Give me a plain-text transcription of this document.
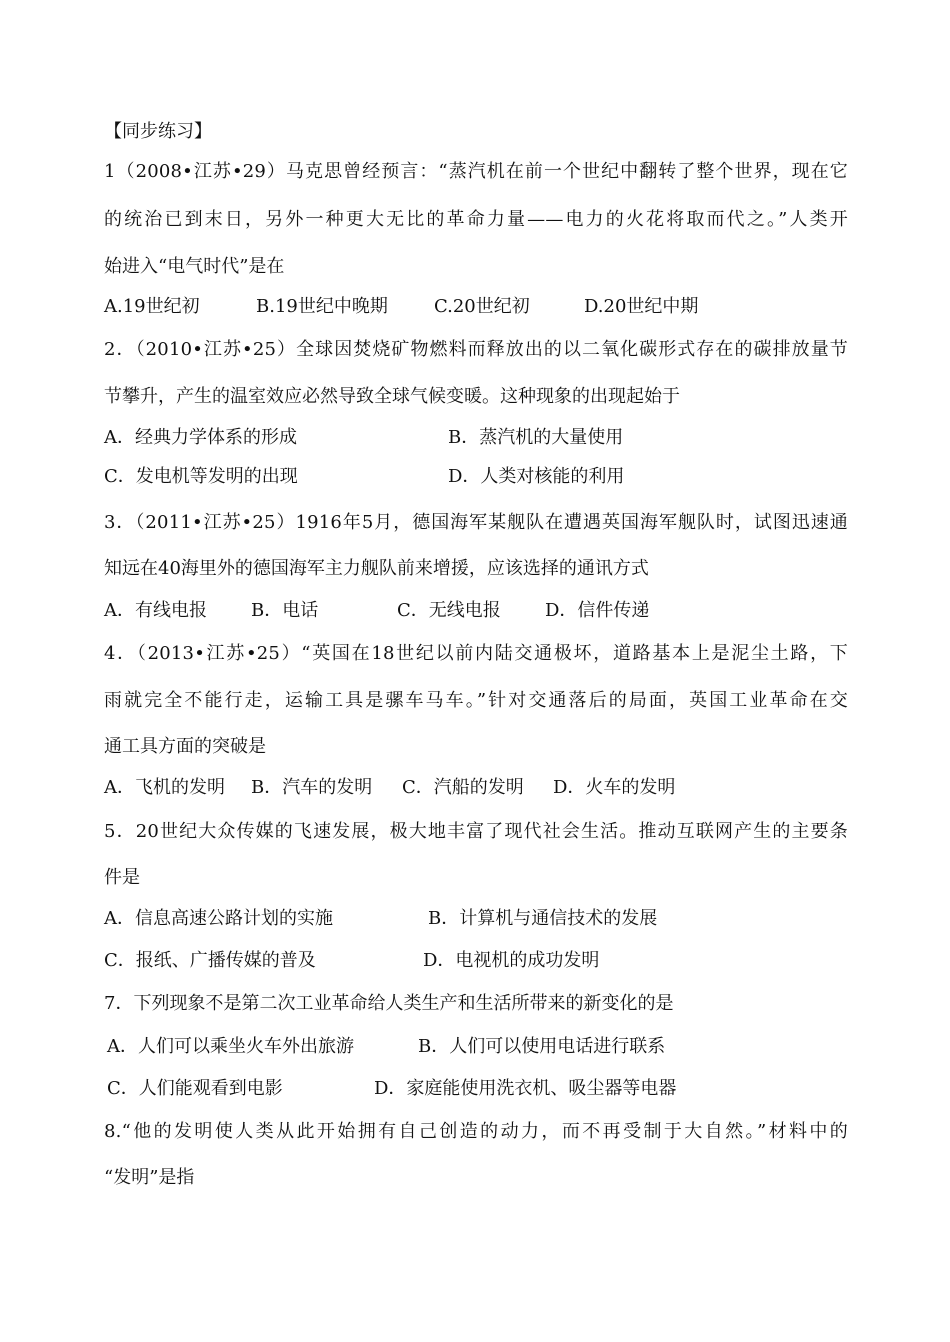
【同步练习】
1（2008•江苏•29）马克思曾经预言：“蒸汽机在前一个世纪中翻转了整个世界，现在它
的统治已到末日，另外一种更大无比的革命力量——电力的火花将取而代之。”人类开
始进入“电气时代”是在
A.19世纪初	B.19世纪中晚期	C.20世纪初	D.20世纪中期
2．（2010•江苏•25）全球因焚烧矿物燃料而释放出的以二氧化碳形式存在的碳排放量节
节攀升，产生的温室效应必然导致全球气候变暖。这种现象的出现起始于
A．经典力学体系的形成	B．蒸汽机的大量使用
C．发电机等发明的出现	D．人类对核能的利用
3．（2011•江苏•25）1916年5月，德国海军某舰队在遭遇英国海军舰队时，试图迅速通
知远在40海里外的德国海军主力舰队前来增援，应该选择的通讯方式
A．有线电报 B．电话	C．无线电报 D．信件传递
4．（2013•江苏•25）“英国在18世纪以前内陆交通极坏，道路基本上是泥尘土路，下
雨就完全不能行走，运输工具是骡车马车。”针对交通落后的局面，英国工业革命在交
通工具方面的突破是
A．飞机的发明 B．汽车的发明 C．汽船的发明 D．火车的发明
5．20世纪大众传媒的飞速发展，极大地丰富了现代社会生活。推动互联网产生的主要条
件是
A．信息高速公路计划的实施	B．计算机与通信技术的发展
C．报纸、广播传媒的普及	D．电视机的成功发明
7．下列现象不是第二次工业革命给人类生产和生活所带来的新变化的是
A．人们可以乘坐火车外出旅游	B．人们可以使用电话进行联系
C．人们能观看到电影	D．家庭能使用洗衣机、吸尘器等电器
8.“他的发明使人类从此开始拥有自己创造的动力，而不再受制于大自然。”材料中的
“发明”是指
